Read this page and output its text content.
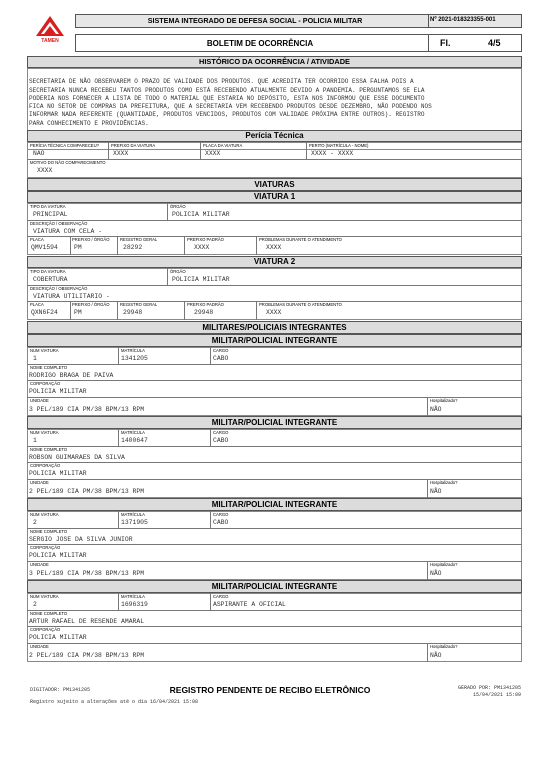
TAMEN
SISTEMA INTEGRADO DE DEFESA SOCIAL - POLICIA MILITAR	Nº 2021-018323355-001
BOLETIM DE OCORRÊNCIA	Fl.	4/5
HISTÓRICO DA OCORRÊNCIA / ATIVIDADE

SECRETARIA DE NÃO OBSERVAREM O PRAZO DE VALIDADE DOS PRODUTOS. QUE ACREDITA TER OCORRIDO ESSA FALHA POIS A
SECRETARIA NUNCA RECEBEU TANTOS PRODUTOS COMO ESTÁ RECEBENDO ATUALMENTE DEVIDO A PANDEMIA. PERGUNTAMOS SE ELA
PODERIA NOS FORNECER A LISTA DE TODO O MATERIAL QUE ESTARIA NO DEPÓSITO, ESTA NOS INFORMOU QUE ESSE DOCUMENTO
FICA NO SETOR DE COMPRAS DA PREFEITURA, QUE A SECRETARIA VEM RECEBENDO PRODUTOS DESDE DEZEMBRO, NÃO PODENDO NOS
INFORMAR NADA REFERENTE (QUANTIDADE, PRODUTOS VENCIDOS, PRODUTOS COM VALIDADE PRÓXIMA ENTRE OUTROS). REGISTRO
PARA CONHECIMENTO E PROVIDÊNCIAS.
Perícia Técnica
PERÍCIA TÉCNICA COMPARECEU?
NAO
PREFIXO DA VIATURA
XXXX
PLACA DA VIATURA
XXXX
PERITO (MATRÍCULA - NOME)
XXXX - XXXX
MOTIVO DO NÃO COMPARECIMENTO
XXXX
VIATURAS
DIGITADOR: PM1341205	REGISTRO PENDENTE DE RECIBO ELETRÔNICO	GERADO POR: PM1341205
15/04/2021 15:09
Registro sujeito a alterações até o dia 16/04/2021 15:08
VIATURA 1
TIPO DA VIATURA
PRINCIPAL
ÓRGÃO
POLICIA MILITAR
DESCRIÇÃO / OBSERVAÇÃO
VIATURA COM CELA -
PLACA
QMV1594
PREFIXO / ÓRGÃO
PM
REGISTRO GERAL
28292
PREFIXO PADRÃO
XXXX
PROBLEMAS DURANTE O ATENDIMENTO
XXXX
VIATURA 2
TIPO DA VIATURA
COBERTURA
ÓRGÃO
POLICIA MILITAR
DESCRIÇÃO / OBSERVAÇÃO
VIATURA UTILITARIO -
PLACA
QXN6F24
PREFIXO / ÓRGÃO
PM
REGISTRO GERAL
29948
PREFIXO PADRÃO
29948
PROBLEMAS DURANTE O ATENDIMENTO
XXXX
MILITARES/POLICIAIS INTEGRANTES
MILITAR/POLICIAL INTEGRANTE
NUM VIATURA
1
MATRÍCULA
1341205
CARGO
CABO
NOME COMPLETO
RODRIGO BRAGA DE PAIVA
CORPORAÇÃO
POLICIA MILITAR
UNIDADE
3 PEL/189 CIA PM/38 BPM/13 RPM
Hospitalizado?
NÃO
MILITAR/POLICIAL INTEGRANTE
NUM VIATURA
1
MATRÍCULA
1400647
CARGO
CABO
NOME COMPLETO
ROBSON GUIMARAES DA SILVA
CORPORAÇÃO
POLICIA MILITAR
UNIDADE
2 PEL/189 CIA PM/38 BPM/13 RPM
Hospitalizado?
NÃO
MILITAR/POLICIAL INTEGRANTE
NUM VIATURA
2
MATRÍCULA
1371905
CARGO
CABO
NOME COMPLETO
SERGIO JOSE DA SILVA JUNIOR
CORPORAÇÃO
POLICIA MILITAR
UNIDADE
3 PEL/189 CIA PM/38 BPM/13 RPM
Hospitalizado?
NÃO
MILITAR/POLICIAL INTEGRANTE
NUM VIATURA
2
MATRÍCULA
1696319
CARGO
ASPIRANTE A OFICIAL
NOME COMPLETO
ARTUR RAFAEL DE RESENDE AMARAL
CORPORAÇÃO
POLICIA MILITAR
UNIDADE
2 PEL/189 CIA PM/38 BPM/13 RPM
Hospitalizado?
NÃO
